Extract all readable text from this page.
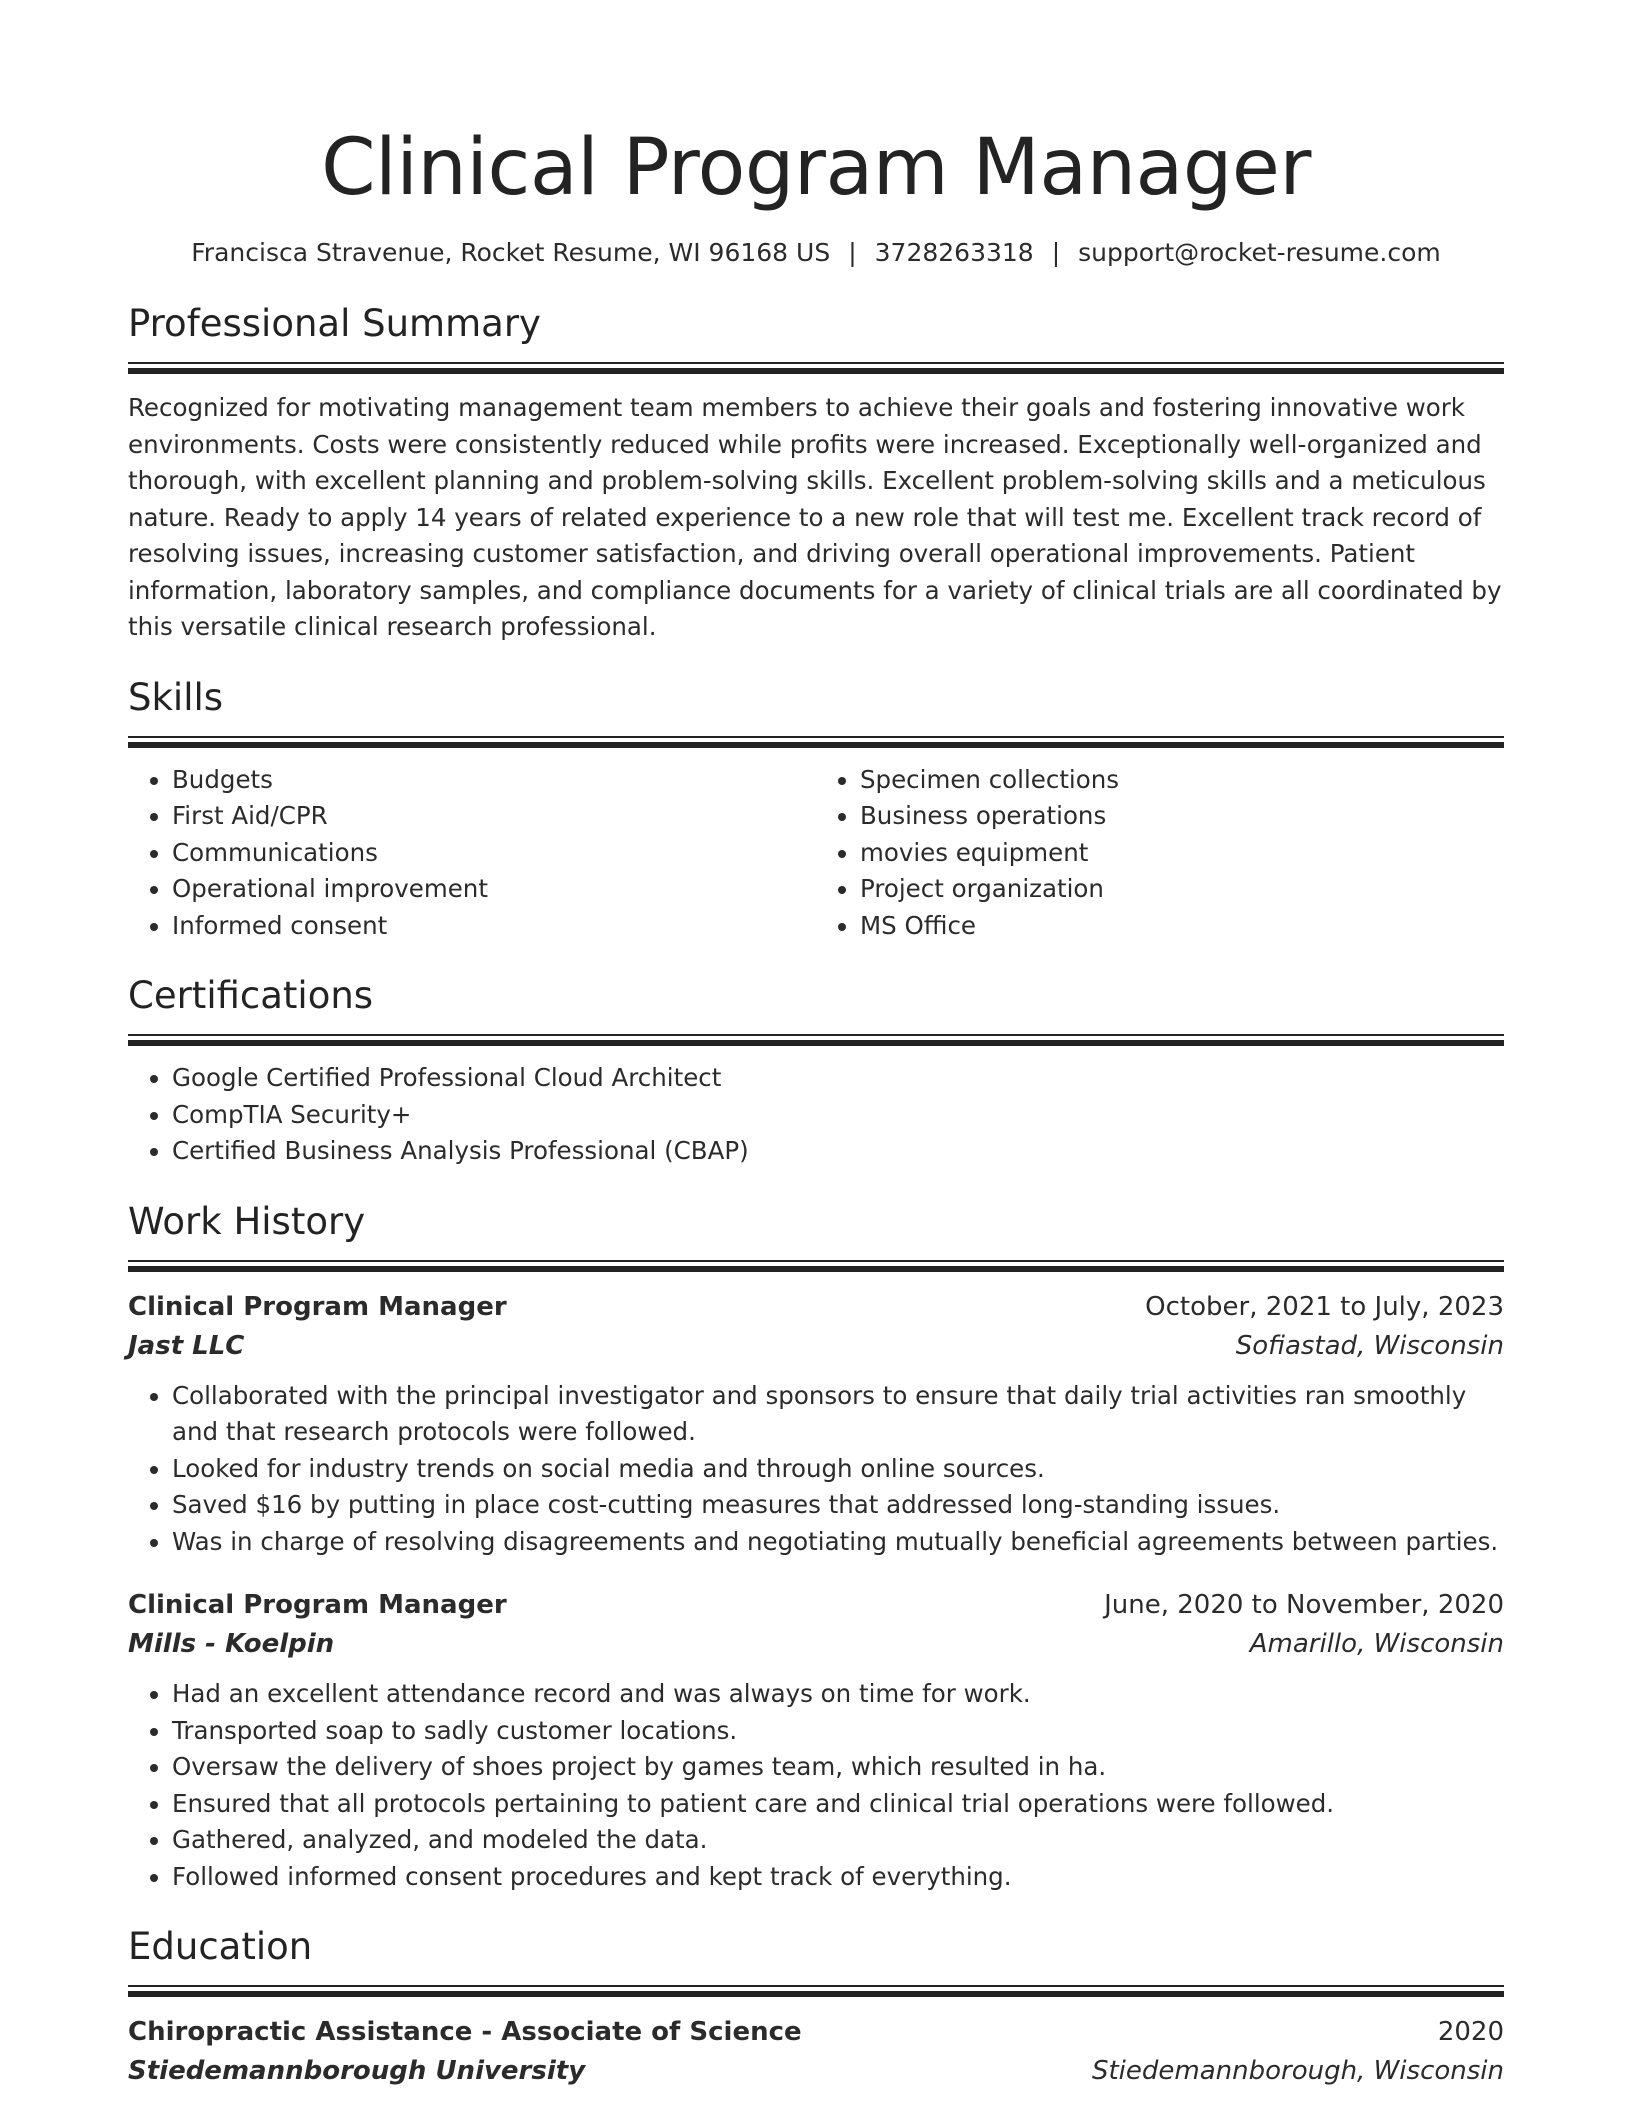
Clinical Program Manager
Francisca Stravenue, Rocket Resume, WI 96168 US | 3728263318 | support@rocket-resume.com
Professional Summary

Recognized for motivating management team members to achieve their goals and fostering innovative work environments. Costs were consistently reduced while profits were increased. Exceptionally well-organized and thorough, with excellent planning and problem-solving skills. Excellent problem-solving skills and a meticulous nature. Ready to apply 14 years of related experience to a new role that will test me. Excellent track record of resolving issues, increasing customer satisfaction, and driving overall operational improvements. Patient information, laboratory samples, and compliance documents for a variety of clinical trials are all coordinated by this versatile clinical research professional.

Skills
• Budgets
• First Aid/CPR
• Communications
• Operational improvement
• Informed consent
• Specimen collections
• Business operations
• movies equipment
• Project organization
• MS Office
Certifications
• Google Certified Professional Cloud Architect
• CompTIA Security+
• Certified Business Analysis Professional (CBAP)
Work History
Clinical Program Manager	October, 2021 to July, 2023
Jast LLC	Sofiastad, Wisconsin
• Collaborated with the principal investigator and sponsors to ensure that daily trial activities ran smoothly and that research protocols were followed.
• Looked for industry trends on social media and through online sources.
• Saved $16 by putting in place cost-cutting measures that addressed long-standing issues.
• Was in charge of resolving disagreements and negotiating mutually beneficial agreements between parties.
Clinical Program Manager	June, 2020 to November, 2020
Mills - Koelpin	Amarillo, Wisconsin
• Had an excellent attendance record and was always on time for work.
• Transported soap to sadly customer locations.
• Oversaw the delivery of shoes project by games team, which resulted in ha.
• Ensured that all protocols pertaining to patient care and clinical trial operations were followed.
• Gathered, analyzed, and modeled the data.
• Followed informed consent procedures and kept track of everything.
Education
Chiropractic Assistance - Associate of Science	2020
Stiedemannborough University	Stiedemannborough, Wisconsin
